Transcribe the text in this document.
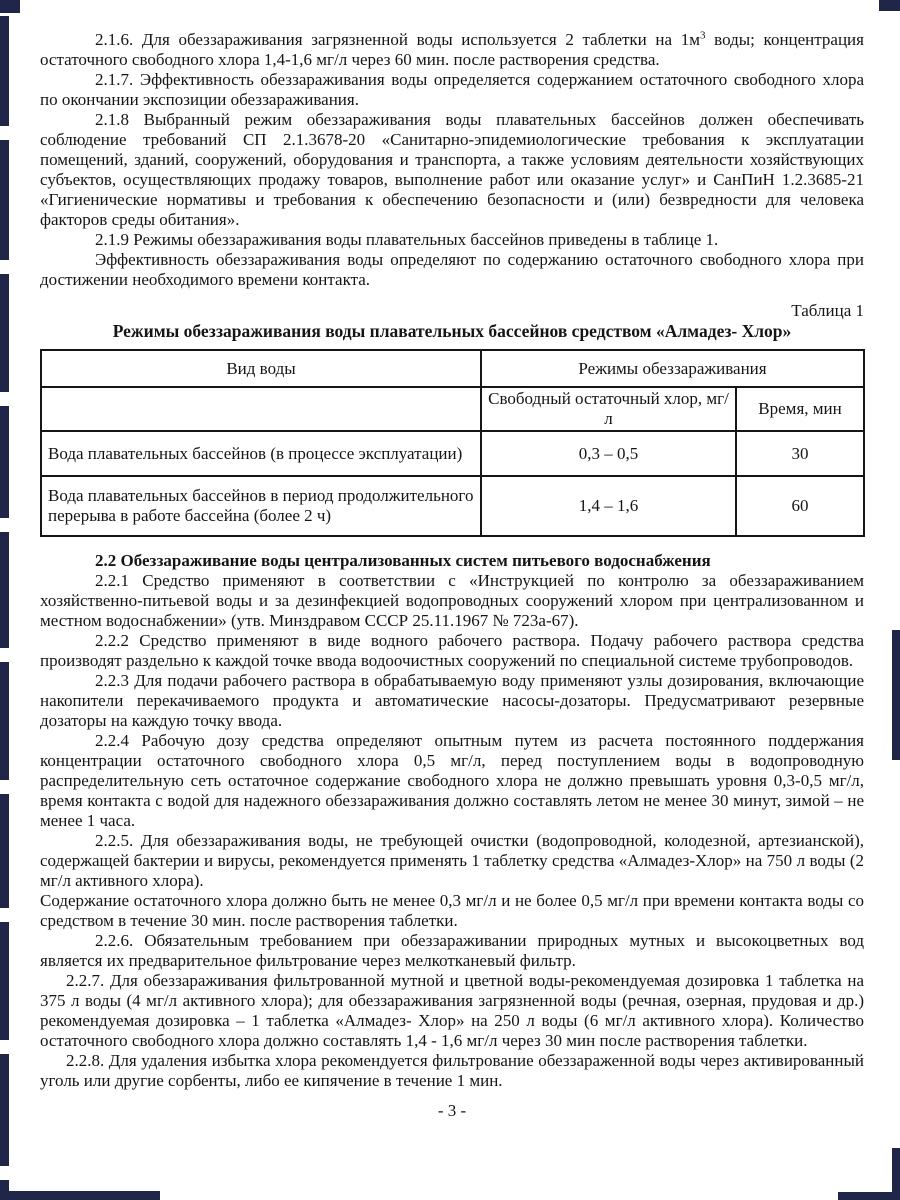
2.1.6. Для обеззараживания загрязненной воды используется 2 таблетки на $1м^3$ воды; концентрация остаточного свободного хлора 1,4-1,6 мг/л через 60 мин. после растворения средства.

2.1.7. Эффективность обеззараживания воды определяется содержанием остаточного свободного хлора по окончании экспозиции обеззараживания.

2.1.8 Выбранный режим обеззараживания воды плавательных бассейнов должен обеспечивать соблюдение требований СП 2.1.3678-20 «Санитарно-эпидемиологические требования к эксплуатации помещений, зданий, сооружений, оборудования и транспорта, а также условиям деятельности хозяйствующих субъектов, осуществляющих продажу товаров, выполнение работ или оказание услуг» и СанПиН 1.2.3685-21 «Гигиенические нормативы и требования к обеспечению безопасности и (или) безвредности для человека факторов среды обитания».

2.1.9 Режимы обеззараживания воды плавательных бассейнов приведены в таблице 1.

Эффективность обеззараживания воды определяют по содержанию остаточного свободного хлора при достижении необходимого времени контакта.

Таблица 1

Режимы обеззараживания воды плавательных бассейнов средством «Алмадез- Хлор»

Вид воды	Режимы обеззараживания	
	Свободный остаточный хлор, мг/л	Время, мин
Вода плавательных бассейнов (в процессе эксплуатации)	0,3 – 0,5	30
Вода плавательных бассейнов в период продолжительного перерыва в работе бассейна (более 2 ч)	1,4 – 1,6	60

2.2 Обеззараживание воды централизованных систем питьевого водоснабжения

2.2.1 Средство применяют в соответствии с «Инструкцией по контролю за обеззараживанием хозяйственно-питьевой воды и за дезинфекцией водопроводных сооружений хлором при централизованном и местном водоснабжении» (утв. Минздравом СССР 25.11.1967 № 723а-67).

2.2.2 Средство применяют в виде водного рабочего раствора. Подачу рабочего раствора средства производят раздельно к каждой точке ввода водоочистных сооружений по специальной системе трубопроводов.

2.2.3 Для подачи рабочего раствора в обрабатываемую воду применяют узлы дозирования, включающие накопители перекачиваемого продукта и автоматические насосы-дозаторы. Предусматривают резервные дозаторы на каждую точку ввода.

2.2.4 Рабочую дозу средства определяют опытным путем из расчета постоянного поддержания концентрации остаточного свободного хлора 0,5 мг/л, перед поступлением воды в водопроводную распределительную сеть остаточное содержание свободного хлора не должно превышать уровня 0,3-0,5 мг/л, время контакта с водой для надежного обеззараживания должно составлять летом не менее 30 минут, зимой – не менее 1 часа.

2.2.5. Для обеззараживания воды, не требующей очистки (водопроводной, колодезной, артезианской), содержащей бактерии и вирусы, рекомендуется применять 1 таблетку средства «Алмадез-Хлор» на 750 л воды (2 мг/л активного хлора).

Содержание остаточного хлора должно быть не менее 0,3 мг/л и не более 0,5 мг/л при времени контакта воды со средством в течение 30 мин. после растворения таблетки.

2.2.6. Обязательным требованием при обеззараживании природных мутных и высокоцветных вод является их предварительное фильтрование через мелкотканевый фильтр.

2.2.7. Для обеззараживания фильтрованной мутной и цветной воды-рекомендуемая дозировка 1 таблетка на 375 л воды (4 мг/л активного хлора); для обеззараживания загрязненной воды (речная, озерная, прудовая и др.) рекомендуемая дозировка – 1 таблетка «Алмадез- Хлор» на 250 л воды (6 мг/л активного хлора). Количество остаточного свободного хлора должно составлять 1,4 - 1,6 мг/л через 30 мин после растворения таблетки.

2.2.8. Для удаления избытка хлора рекомендуется фильтрование обеззараженной воды через активированный уголь или другие сорбенты, либо ее кипячение в течение 1 мин.

- 3 -
